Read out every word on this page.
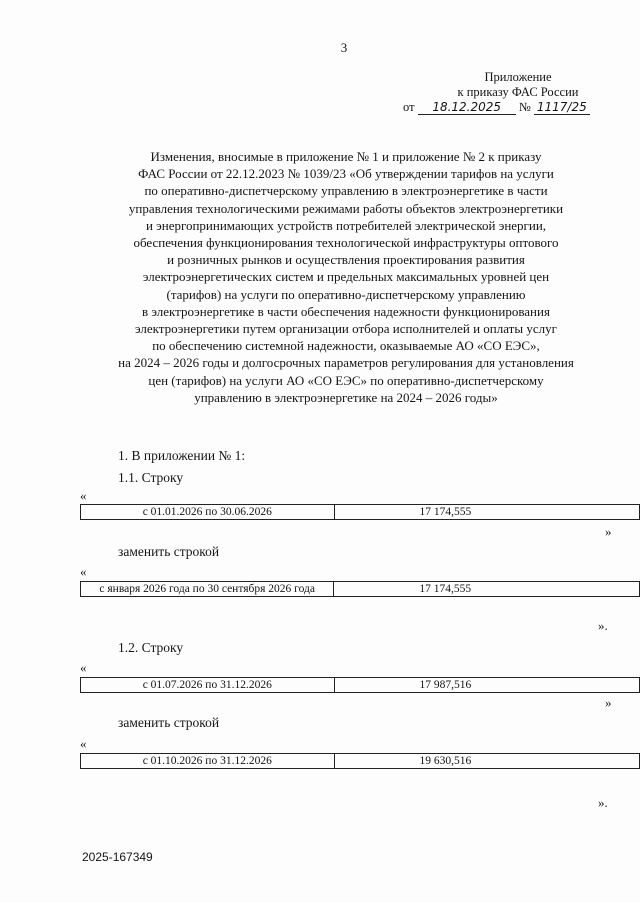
3
Приложение
к приказу ФАС России
от 18.12.2025 № 1117/25

Изменения, вносимые в приложение № 1 и приложение № 2 к приказу

ФАС России от 22.12.2023 № 1039/23 «Об утверждении тарифов на услуги

по оперативно-диспетчерскому управлению в электроэнергетике в части

управления технологическими режимами работы объектов электроэнергетики

и энергопринимающих устройств потребителей электрической энергии,

обеспечения функционирования технологической инфраструктуры оптового

и розничных рынков и осуществления проектирования развития

электроэнергетических систем и предельных максимальных уровней цен

(тарифов) на услуги по оперативно-диспетчерскому управлению

в электроэнергетике в части обеспечения надежности функционирования

электроэнергетики путем организации отбора исполнителей и оплаты услуг

по обеспечению системной надежности, оказываемые АО «СО ЕЭС»,

на 2024 – 2026 годы и долгосрочных параметров регулирования для установления

цен (тарифов) на услуги АО «СО ЕЭС» по оперативно-диспетчерскому

управлению в электроэнергетике на 2024 – 2026 годы»

1. В приложении № 1:
1.1. Строку
«
с 01.01.2026 по 30.06.2026	17 174,555
»
заменить строкой
«
с января 2026 года по 30 сентября 2026 года	17 174,555
».
1.2. Строку
«
с 01.07.2026 по 31.12.2026	17 987,516
»
заменить строкой
«
с 01.10.2026 по 31.12.2026	19 630,516
».
2025-167349
